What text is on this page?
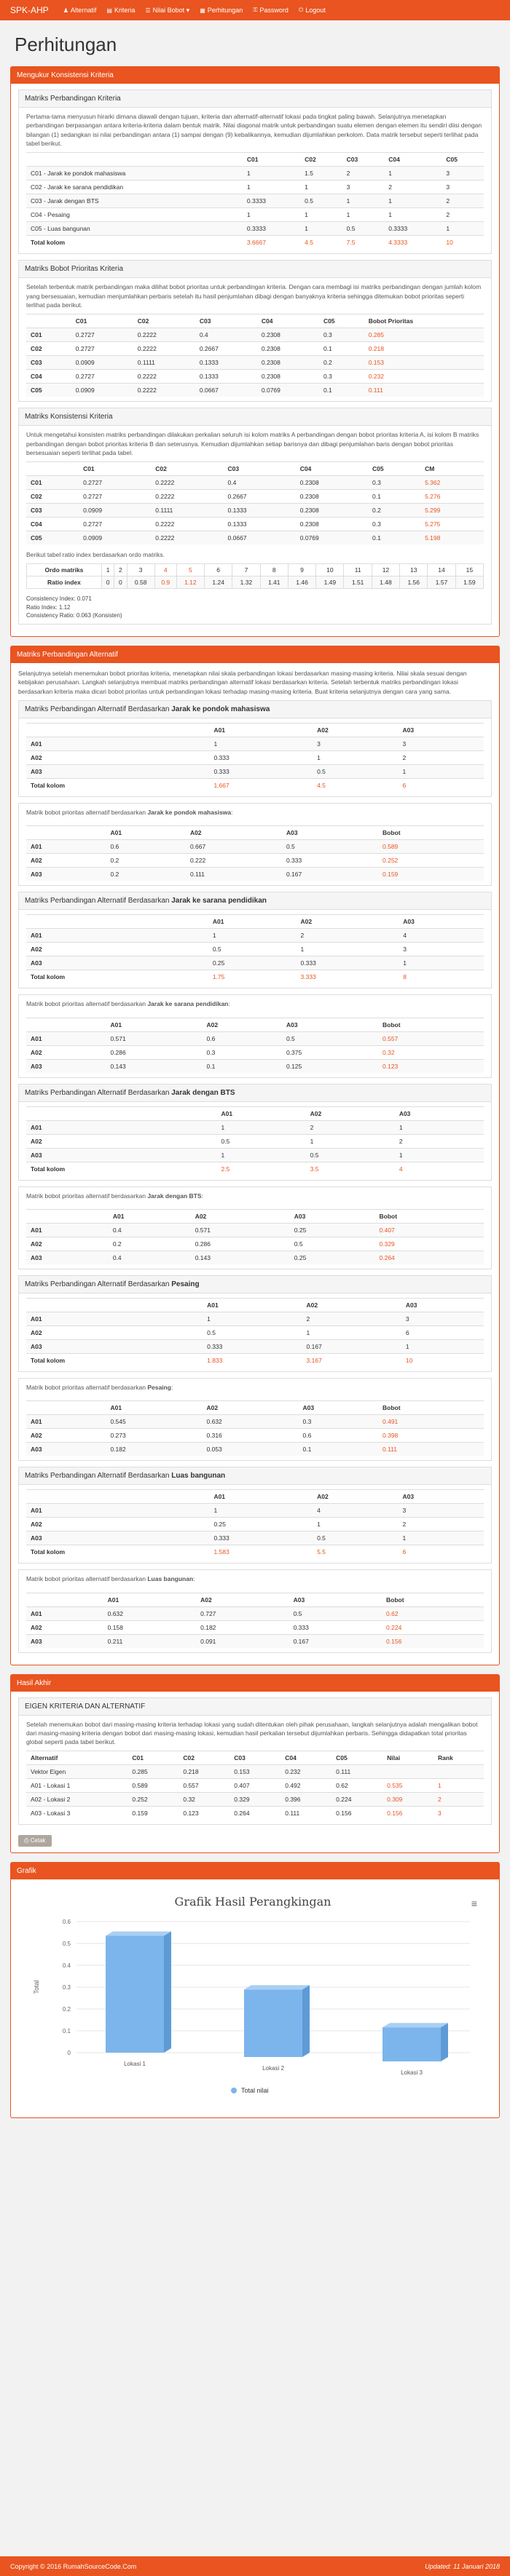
SPK-AHP	♟ Alternatif ▤ Kriteria ☰ Nilai Bobot ▾ ▦ Perhitungan ⚿ Password ⏻ Logout
Perhitungan
Mengukur Konsistensi Kriteria
Matriks Perbandingan Kriteria

Pertama-tama menyusun hirarki dimana diawali dengan tujuan, kriteria dan alternatif-alternatif lokasi pada tingkat paling bawah. Selanjutnya menetapkan perbandingan berpasangan antara kriteria-kriteria dalam bentuk matrik. Nilai diagonal matrik untuk perbandingan suatu elemen dengan elemen itu sendiri diisi dengan bilangan (1) sedangkan isi nilai perbandingan antara (1) sampai dengan (9) kebalikannya, kemudian dijumlahkan perkolom. Data matrik tersebut seperti terlihat pada tabel berikut.

	C01	C02	C03	C04	C05
C01 - Jarak ke pondok mahasiswa	1	1.5	2	1	3
C02 - Jarak ke sarana pendidikan	1	1	3	2	3
C03 - Jarak dengan BTS	0.3333	0.5	1	1	2
C04 - Pesaing	1	1	1	1	2
C05 - Luas bangunan	0.3333	1	0.5	0.3333	1
Total kolom	3.6667	4.5	7.5	4.3333	10
Matriks Bobot Prioritas Kriteria

Setelah terbentuk matrik perbandingan maka dilihat bobot prioritas untuk perbandingan kriteria. Dengan cara membagi isi matriks perbandingan dengan jumlah kolom yang bersesuaian, kemudian menjumlahkan perbaris setelah itu hasil penjumlahan dibagi dengan banyaknya kriteria sehingga ditemukan bobot prioritas seperti terlihat pada berikut.

	C01	C02	C03	C04	C05	Bobot Prioritas
C01	0.2727	0.2222	0.4	0.2308	0.3	0.285
C02	0.2727	0.2222	0.2667	0.2308	0.1	0.218
C03	0.0909	0.1111	0.1333	0.2308	0.2	0.153
C04	0.2727	0.2222	0.1333	0.2308	0.3	0.232
C05	0.0909	0.2222	0.0667	0.0769	0.1	0.111
Matriks Konsistensi Kriteria

Untuk mengetahui konsisten matriks perbandingan dilakukan perkalian seluruh isi kolom matriks A perbandingan dengan bobot prioritas kriteria A, isi kolom B matriks perbandingan dengan bobot prioritas kriteria B dan seterusnya. Kemudian dijumlahkan setiap barisnya dan dibagi penjumlahan baris dengan bobot prioritas bersesuaian seperti terlihat pada tabel.

	C01	C02	C03	C04	C05	CM
C01	0.2727	0.2222	0.4	0.2308	0.3	5.362
C02	0.2727	0.2222	0.2667	0.2308	0.1	5.276
C03	0.0909	0.1111	0.1333	0.2308	0.2	5.299
C04	0.2727	0.2222	0.1333	0.2308	0.3	5.275
C05	0.0909	0.2222	0.0667	0.0769	0.1	5.198

Berikut tabel ratio index berdasarkan ordo matriks.

Ordo matriks	1	2	3	4	5	6	7	8	9	10	11	12	13	14	15
Ratio index	0	0	0.58	0.9	1.12	1.24	1.32	1.41	1.46	1.49	1.51	1.48	1.56	1.57	1.59
Consistency Index: 0.071
Ratio Index: 1.12
Consistency Ratio: 0.063 (Konsisten)
Matriks Perbandingan Alternatif

Selanjutnya setelah menemukan bobot prioritas kriteria, menetapkan nilai skala perbandingan lokasi berdasarkan masing-masing kriteria. Nilai skala sesuai dengan kebijakan perusahaan. Langkah selanjutnya membuat matriks perbandingan alternatif lokasi berdasarkan kriteria. Setelah terbentuk matriks perbandingan lokasi berdasarkan kriteria maka dicari bobot prioritas untuk perbandingan lokasi terhadap masing-masing kriteria. Buat kriteria selanjutnya dengan cara yang sama.

Matriks Perbandingan Alternatif Berdasarkan Jarak ke pondok mahasiswa
	A01	A02	A03
A01	1	3	3
A02	0.333	1	2
A03	0.333	0.5	1
Total kolom	1.667	4.5	6
Matrik bobot prioritas alternatif berdasarkan Jarak ke pondok mahasiswa:
	A01	A02	A03	Bobot
A01	0.6	0.667	0.5	0.589
A02	0.2	0.222	0.333	0.252
A03	0.2	0.111	0.167	0.159
Matriks Perbandingan Alternatif Berdasarkan Jarak ke sarana pendidikan
	A01	A02	A03
A01	1	2	4
A02	0.5	1	3
A03	0.25	0.333	1
Total kolom	1.75	3.333	8
Matrik bobot prioritas alternatif berdasarkan Jarak ke sarana pendidikan:
	A01	A02	A03	Bobot
A01	0.571	0.6	0.5	0.557
A02	0.286	0.3	0.375	0.32
A03	0.143	0.1	0.125	0.123
Matriks Perbandingan Alternatif Berdasarkan Jarak dengan BTS
	A01	A02	A03
A01	1	2	1
A02	0.5	1	2
A03	1	0.5	1
Total kolom	2.5	3.5	4
Matrik bobot prioritas alternatif berdasarkan Jarak dengan BTS:
	A01	A02	A03	Bobot
A01	0.4	0.571	0.25	0.407
A02	0.2	0.286	0.5	0.329
A03	0.4	0.143	0.25	0.264
Matriks Perbandingan Alternatif Berdasarkan Pesaing
	A01	A02	A03
A01	1	2	3
A02	0.5	1	6
A03	0.333	0.167	1
Total kolom	1.833	3.167	10
Matrik bobot prioritas alternatif berdasarkan Pesaing:
	A01	A02	A03	Bobot
A01	0.545	0.632	0.3	0.491
A02	0.273	0.316	0.6	0.398
A03	0.182	0.053	0.1	0.111
Matriks Perbandingan Alternatif Berdasarkan Luas bangunan
	A01	A02	A03
A01	1	4	3
A02	0.25	1	2
A03	0.333	0.5	1
Total kolom	1.583	5.5	6
Matrik bobot prioritas alternatif berdasarkan Luas bangunan:
	A01	A02	A03	Bobot
A01	0.632	0.727	0.5	0.62
A02	0.158	0.182	0.333	0.224
A03	0.211	0.091	0.167	0.156
Hasil Akhir
EIGEN KRITERIA DAN ALTERNATIF

Setelah menemukan bobot dari masing-masing kriteria terhadap lokasi yang sudah ditentukan oleh pihak perusahaan, langkah selanjutnya adalah mengalikan bobot dari masing-masing kriteria dengan bobot dari masing-masing lokasi, kemudian hasil perkalian tersebut dijumlahkan perbaris. Sehingga didapatkan total prioritas global seperti pada tabel berikut.

Alternatif	C01	C02	C03	C04	C05	Nilai	Rank
Vektor Eigen	0.285	0.218	0.153	0.232	0.111		
A01 - Lokasi 1	0.589	0.557	0.407	0.492	0.62	0.535	1
A02 - Lokasi 2	0.252	0.32	0.329	0.396	0.224	0.309	2
A03 - Lokasi 3	0.159	0.123	0.264	0.111	0.156	0.156	3
⎙ Cetak
Grafik
Grafik Hasil Perangkingan	≡
0
0.1
0.2
0.3
0.4
0.5
0.6
Total
Lokasi 1
Lokasi 2
Lokasi 3
Total nilai
Copyright © 2016 RumahSourceCode.Com	Updated: 11 Januari 2018
